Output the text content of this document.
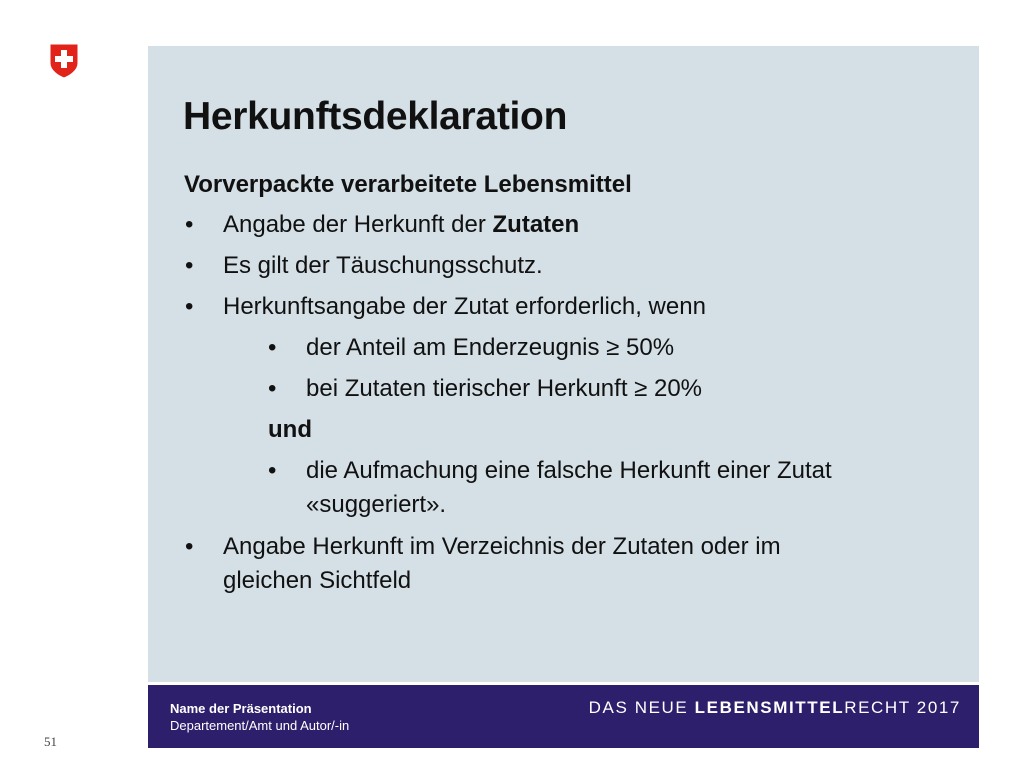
Herkunftsdeklaration
Vorverpackte verarbeitete Lebensmittel
• Angabe der Herkunft der Zutaten
• Es gilt der Täuschungsschutz.
• Herkunftsangabe der Zutat erforderlich, wenn
• der Anteil am Enderzeugnis ≥ 50%
• bei Zutaten tierischer Herkunft ≥ 20%
• die Aufmachung eine falsche Herkunft einer Zutat
«suggeriert».
• Angabe Herkunft im Verzeichnis der Zutaten oder im
gleichen Sichtfeld
und
Name der Präsentation
Departement/Amt und Autor/-in
DAS NEUE LEBENSMITTELRECHT 2017
51
